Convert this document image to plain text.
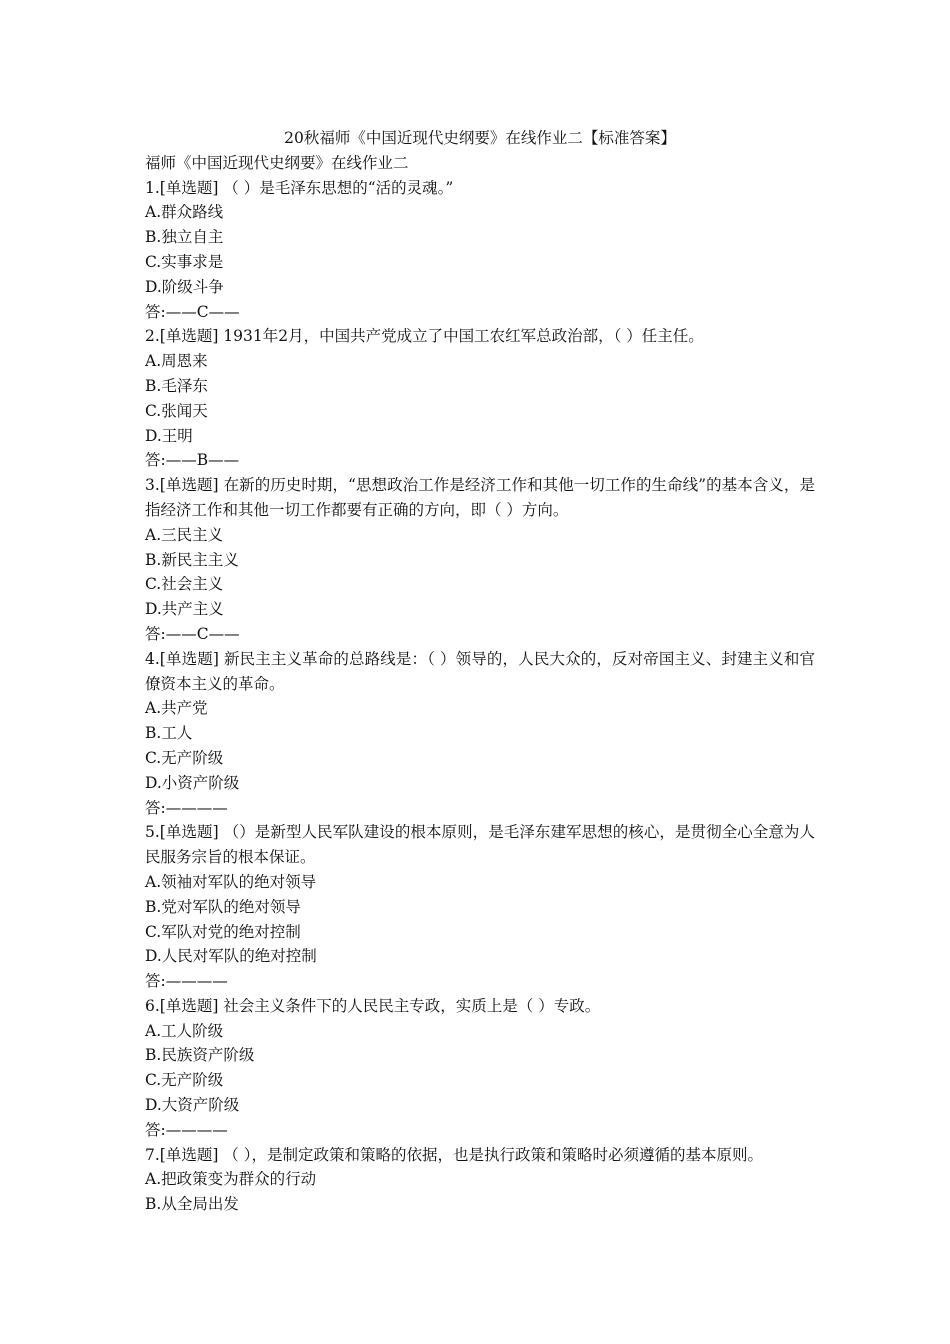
20秋福师《中国近现代史纲要》在线作业二【标准答案】

福师《中国近现代史纲要》在线作业二

1.[单选题] （ ）是毛泽东思想的“活的灵魂。”

A.群众路线

B.独立自主

C.实事求是

D.阶级斗争

答:——C——

2.[单选题] 1931年2月，中国共产党成立了中国工农红军总政治部，（ ）任主任。

A.周恩来

B.毛泽东

C.张闻天

D.王明

答:——B——

3.[单选题] 在新的历史时期，“思想政治工作是经济工作和其他一切工作的生命线”的基本含义，是指经济工作和其他一切工作都要有正确的方向，即（ ）方向。

A.三民主义

B.新民主主义

C.社会主义

D.共产主义

答:——C——

4.[单选题] 新民主主义革命的总路线是：（ ）领导的，人民大众的，反对帝国主义、封建主义和官僚资本主义的革命。

A.共产党

B.工人

C.无产阶级

D.小资产阶级

答:————

5.[单选题] （）是新型人民军队建设的根本原则，是毛泽东建军思想的核心，是贯彻全心全意为人民服务宗旨的根本保证。

A.领袖对军队的绝对领导

B.党对军队的绝对领导

C.军队对党的绝对控制

D.人民对军队的绝对控制

答:————

6.[单选题] 社会主义条件下的人民民主专政，实质上是（ ）专政。

A.工人阶级

B.民族资产阶级

C.无产阶级

D.大资产阶级

答:————

7.[单选题] （ ），是制定政策和策略的依据，也是执行政策和策略时必须遵循的基本原则。

A.把政策变为群众的行动

B.从全局出发
